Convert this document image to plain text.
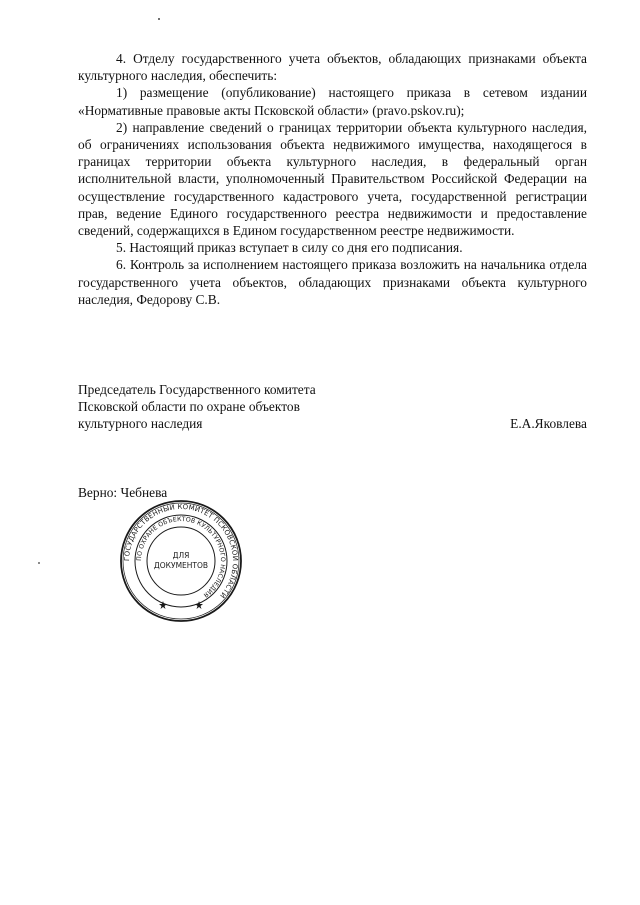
4. Отделу государственного учета объектов, обладающих признаками объекта культурного наследия, обеспечить:

1) размещение (опубликование) настоящего приказа в сетевом издании «Нормативные правовые акты Псковской области» (pravo.pskov.ru);

2) направление сведений о границах территории объекта культурного наследия, об ограничениях использования объекта недвижимого имущества, находящегося в границах территории объекта культурного наследия, в федеральный орган исполнительной власти, уполномоченный Правительством Российской Федерации на осуществление государственного кадастрового учета, государственной регистрации прав, ведение Единого государственного реестра недвижимости и предоставление сведений, содержащихся в Едином государственном реестре недвижимости.

5. Настоящий приказ вступает в силу со дня его подписания.

6. Контроль за исполнением настоящего приказа возложить на начальника отдела государственного учета объектов, обладающих признаками объекта культурного наследия, Федорову С.В.

Председатель Государственного комитета
Псковской области по охране объектов
культурного наследия	Е.А.Яковлева
Верно: Чебнева
ГОСУДАРСТВЕННЫЙ КОМИТЕТ ПСКОВСКОЙ ОБЛАСТИ
ПО ОХРАНЕ ОБЪЕКТОВ КУЛЬТУРНОГО НАСЛЕДИЯ
ДЛЯ
ДОКУМЕНТОВ
